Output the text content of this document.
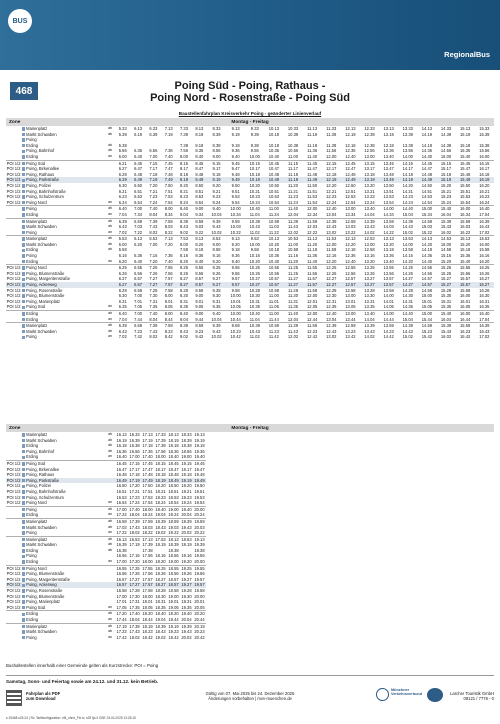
BUS
RegionalBus
468	Poing Süd - Poing, Rathaus -
Poing Nord - Rosenstraße - Poing Süd
Baustellenfahrplan Kreisverkehr Poing - geänderter Linienverlauf
Zone	Montag - Freitag
	Marienplatz	ab	5.33	6.13	6.33	7.13	7.33	8.13	8.33	9.13	9.33	10.13	10.33	11.13	11.33	12.13	12.33	13.13	13.33	14.13	14.33	15.13	15.33
	Markt Schwaben	ab	5.39	6.19	6.39	7.19	7.39	8.19	8.39	9.19	9.39	10.19	10.39	11.19	11.39	12.19	12.39	13.19	13.39	14.19	14.39	15.19	15.39
	Poing																						
	Erding	ab	5.38				7.38	8.18	8.38	9.18	9.38	10.18	10.38	11.18	11.38	12.18	12.38	13.18	13.38	14.18	14.38	15.18	15.38
	Poing, Bahnhof	ab	5.56	6.36	6.56	7.36	7.56	8.36	8.56	9.36	9.56	10.36	10.56	11.36	11.56	12.36	12.56	13.36	13.56	14.36	14.56	15.36	15.56
	Erding	an	6.00	6.40	7.00	7.40	8.00	8.40	9.00	9.40	10.00	10.40	11.00	11.40	12.00	12.40	13.00	13.40	14.00	14.40	15.00	15.40	16.00
POI 1/2	Poing Süd		6.21	6.45	7.15	7.45	8.15	8.45	9.15	9.45	10.15	10.45	11.15	11.45	12.15	12.45	13.15	13.45	14.15	14.45	15.15	15.45	16.15
POI 1/2	Poing, Birkenallee		6.27	6.47	7.17	7.47	8.17	8.47	9.17	9.47	10.17	10.47	11.17	11.47	12.17	12.47	13.17	13.47	14.17	14.47	15.17	15.47	16.17
POI 1/2	Poing, Rathaus		6.28	6.48	7.18	7.48	8.18	8.48	9.18	9.48	10.18	10.48	11.18	11.48	12.18	12.48	13.18	13.48	14.18	14.48	15.18	15.48	16.18
POI 1/2	Poing, Parkstraße		6.29	6.49	7.19	7.49	8.19	8.49	9.19	9.49	10.19	10.49	11.19	11.49	12.19	12.49	13.19	13.49	14.19	14.49	15.19	15.49	16.19
POI 1/2	Poing, Polizei		6.30	6.50	7.20	7.50	8.20	8.50	9.20	9.50	10.20	10.50	11.20	11.50	12.20	12.50	13.20	13.50	14.20	14.50	15.20	15.50	16.20
POI 1/2	Poing, Bahnhofstraße		6.21	6.51	7.21	7.51	8.21	8.51	9.21	9.51	10.21	10.51	11.21	11.51	12.21	12.51	13.21	13.51	14.21	14.51	15.21	15.51	16.21
POI 1/2	Poing, Schulzentrum		6.23	6.53	7.23	7.53	8.23	8.53	9.23	9.53	10.23	10.53	11.23	11.53	12.23	12.53	13.23	13.53	14.23	14.53	15.23	15.53	16.23
POI 1/2	Poing Nord	an	6.24	6.54	7.24	7.54	8.24	8.54	9.24	9.54	10.24	10.54	11.24	11.54	12.24	12.54	13.24	13.54	14.24	14.54	15.24	15.54	16.24
	Poing	ab	6.40	7.00	7.40	8.00	8.40	9.00	9.40	10.00	10.40	11.00	11.40	12.00	12.40	13.00	13.40	14.00	14.40	15.00	15.40	16.00	16.40
	Erding	an	7.04	7.34	8.04	8.34	9.04	9.34	10.04	10.34	11.04	11.34	12.04	12.34	13.04	13.34	14.04	14.34	15.04	15.34	16.04	16.34	17.04
	Marienplatz	ab	6.39	6.59	7.39	7.59	8.39	8.59	9.39	9.59	10.39	10.59	11.39	11.59	12.39	12.59	13.39	13.59	14.39	14.59	15.39	15.59	16.39
	Markt Schwaben	ab	6.43	7.03	7.43	8.03	8.43	9.03	9.43	10.03	10.43	11.03	11.43	12.03	12.43	13.03	13.43	14.03	14.43	15.03	15.43	16.03	16.43
	Poing	an	7.02	7.22	8.02	8.22	9.02	9.22	10.02	10.22	11.02	11.22	12.02	12.22	13.02	13.22	14.02	14.22	15.02	15.22	16.02	16.22	17.02
	Marienplatz	ab	5.53	6.13	6.53	7.13	7.53	8.13	8.53	9.13	9.53	10.13	10.53	11.13	11.53	12.13	12.53	13.13	13.53	14.13	14.53	15.13	15.53
	Markt Schwaben	ab	6.00	6.20	7.00	7.20	8.00	8.20	9.00	9.20	10.00	10.20	11.00	11.20	12.00	12.20	13.00	13.20	14.00	14.20	15.00	15.20	16.00
	Erding	ab	5.58				7.58	8.18	8.58	9.18	9.58	10.18	10.58	11.18	11.58	12.18	12.58	13.18	13.58	14.18	14.58	15.18	15.58
	Poing		6.16	6.36	7.16	7.36	8.16	8.36	9.16	9.36	10.16	10.36	11.16	11.36	12.16	12.36	13.16	13.36	14.16	14.36	15.16	15.36	16.16
	Erding	an	6.20	6.40	7.20	7.40	8.20	8.40	9.20	9.40	10.20	10.40	11.20	11.40	12.20	12.40	13.20	13.40	14.20	14.40	15.20	15.40	16.20
POI 1/2	Poing Nord		6.25	6.55	7.25	7.55	8.25	8.55	9.25	9.55	10.25	10.55	11.25	11.55	12.25	12.55	13.25	13.55	14.25	14.55	15.25	15.55	16.25
POI 1/2	Poing, Blumenstraße		6.26	6.56	7.26	7.56	8.26	8.56	9.26	9.56	10.26	10.56	11.26	11.56	12.26	12.56	13.26	13.56	14.26	14.56	15.26	15.56	16.26
POI 1/2	Poing, Margeritenstraße		6.27	6.57	7.27	7.57	8.27	8.57	9.27	9.57	10.27	10.57	11.27	11.57	12.27	12.57	13.27	13.57	14.27	14.57	15.27	15.57	16.27
POI 1/2	Poing, Ackerweg		6.27	6.57	7.27	7.57	8.27	8.57	9.27	9.57	10.27	10.57	11.27	11.57	12.27	12.57	13.27	13.57	14.27	14.57	15.27	15.57	16.27
POI 1/2	Poing, Rosenstraße		6.28	6.58	7.28	7.58	8.28	8.58	9.28	9.58	10.28	10.58	11.28	11.58	12.28	12.58	13.28	13.58	14.28	14.58	15.28	15.58	16.28
POI 1/2	Poing, Blumenstraße		6.30	7.00	7.30	8.00	8.30	9.00	9.30	10.00	10.30	11.00	11.30	12.00	12.30	13.00	13.30	14.00	14.30	15.00	15.30	16.00	16.30
POI 1/2	Poing, Marienplatz		6.31	7.01	7.31	8.01	8.31	9.01	9.31	10.01	10.31	11.01	11.31	12.01	12.31	13.01	13.31	14.01	14.31	15.01	15.31	16.01	16.31
POI 1/2	Poing Süd	an	6.35	7.05	7.35	8.05	8.35	9.05	9.35	10.05	10.35	11.05	11.35	12.05	12.35	13.05	13.35	14.05	14.35	15.05	15.35	16.05	16.35
	Erding	ab	6.40	7.00	7.40	8.00	8.40	9.00	9.40	10.00	10.40	11.00	11.40	12.00	12.40	13.00	13.40	14.00	14.40	15.00	15.40	16.00	16.40
	Erding	an	7.04	7.44	8.04	8.44	9.04	9.44	10.04	10.44	11.04	11.44	12.04	12.44	13.04	13.44	14.04	14.44	15.04	15.44	16.04	16.44	17.04
	Marienplatz	ab	6.39	6.59	7.39	7.59	8.39	8.59	9.39	9.59	10.39	10.59	11.39	11.59	12.39	12.59	13.39	13.59	14.39	14.59	15.39	15.59	16.39
	Markt Schwaben	ab	6.43	7.23	7.43	8.23	8.43	9.23	9.43	10.23	10.43	11.23	11.43	12.23	12.43	13.23	13.43	14.23	14.43	15.23	15.43	16.23	16.43
	Poing	an	7.02	7.42	8.02	8.42	9.02	9.42	10.02	10.42	11.02	11.42	12.02	12.42	13.02	13.42	14.02	14.42	15.02	15.42	16.02	16.42	17.02
Zone	Montag - Freitag
	Marienplatz	ab	16.13	16.33	17.13	17.33	18.13	18.33	19.13
	Markt Schwaben	ab	16.19	16.39	17.19	17.39	18.19	18.39	19.19
	Erding	ab	16.18	16.38	17.18	17.38	18.18	18.38	19.18
	Poing, Bahnhof	ab	16.36	16.56	17.36	17.56	18.36	18.56	19.36
	Erding	an	16.40	17.00	17.40	18.00	18.40	19.00	19.40
POI 1/2	Poing Süd		16.45	17.15	17.45	18.15	18.45	19.15	19.45
POI 1/2	Poing, Birkenallee		16.47	17.17	17.47	18.17	18.47	19.17	19.47
POI 1/2	Poing, Rathaus		16.48	17.18	17.48	18.18	18.48	19.18	19.48
POI 1/2	Poing, Parkstraße		16.49	17.19	17.49	18.19	18.49	19.19	19.49
POI 1/2	Poing, Polizei		16.50	17.20	17.50	18.20	18.50	19.20	19.50
POI 1/2	Poing, Bahnhofstraße		16.51	17.21	17.51	18.21	18.51	19.21	19.51
POI 1/2	Poing, Schulzentrum		16.53	17.23	17.53	18.23	18.53	19.23	19.53
POI 1/2	Poing Nord	an	16.54	17.24	17.54	18.24	18.54	19.24	19.54
	Poing	ab	17.00	17.40	18.00	18.40	19.00	19.40	20.00
	Erding	an	17.24	18.04	18.24	19.04	19.24	20.04	20.24
	Marienplatz	ab	16.59	17.39	17.59	18.39	18.59	19.39	19.59
	Markt Schwaben	ab	17.03	17.43	18.03	18.43	19.03	19.43	20.03
	Poing	an	17.22	18.02	18.22	19.02	19.22	20.02	20.22
	Marienplatz	ab	16.13	16.53	17.13	17.53	18.13	18.53	19.13
	Markt Schwaben	ab	16.39	17.19	17.39	18.19	18.39	19.19	19.39
	Erding	ab	16.38		17.38		18.38		19.38
	Poing		16.56	17.16	17.56	18.16	18.56	19.16	19.56
	Erding	an	17.00	17.20	18.00	18.20	19.00	19.20	20.00
POI 1/2	Poing Nord		16.55	17.25	17.55	18.25	18.55	19.25	19.55
POI 1/2	Poing, Blumenstraße		16.56	17.26	17.56	18.26	18.56	19.26	19.56
POI 1/2	Poing, Margeritenstraße		16.57	17.27	17.57	18.27	18.57	19.27	19.57
POI 1/2	Poing, Ackerweg		16.57	17.27	17.57	18.27	18.57	19.27	19.57
POI 1/2	Poing, Rosenstraße		16.58	17.28	17.58	18.28	18.58	19.28	19.58
POI 1/2	Poing, Blumenstraße		17.00	17.30	18.00	18.30	19.00	19.30	20.00
POI 1/2	Poing, Marienplatz		17.01	17.31	18.01	18.31	19.01	19.31	20.01
POI 1/2	Poing Süd	an	17.05	17.35	18.05	18.35	19.05	19.35	20.05
	Erding	ab	17.20	17.40	18.20	18.40	19.20	19.40	20.20
	Erding	an	17.44	18.04	18.44	19.04	19.44	20.04	20.44
	Marienplatz	ab	17.19	17.39	18.19	18.39	19.19	19.39	20.19
	Markt Schwaben	ab	17.23	17.43	18.23	18.43	19.23	19.43	20.23
	Poing	an	17.42	18.02	18.42	19.02	19.42	20.02	20.42
Bushaltestellen innerhalb einer Gemeinde gelten als Kurzstrecke: POI = Poing
Samstag, Sonn- und Feiertag sowie am 24.12. und 31.12. kein Betrieb.
Fahrplan als PDF
zum Download
Gültig von 07. Mai 2025 bis 24. Dezember 2025
Änderungen vorbehalten | mvv-muenchen.de
Münchner
Verkehrsverbund	Larcher Touristik GmbH
08121 / 7776 - 0
s.19468 s25-24 | Rv. Tarifkonfiguration: vM_ohne_Fix.tv, s25 fjd.4 GSE 24.04.2025 13:25:15
